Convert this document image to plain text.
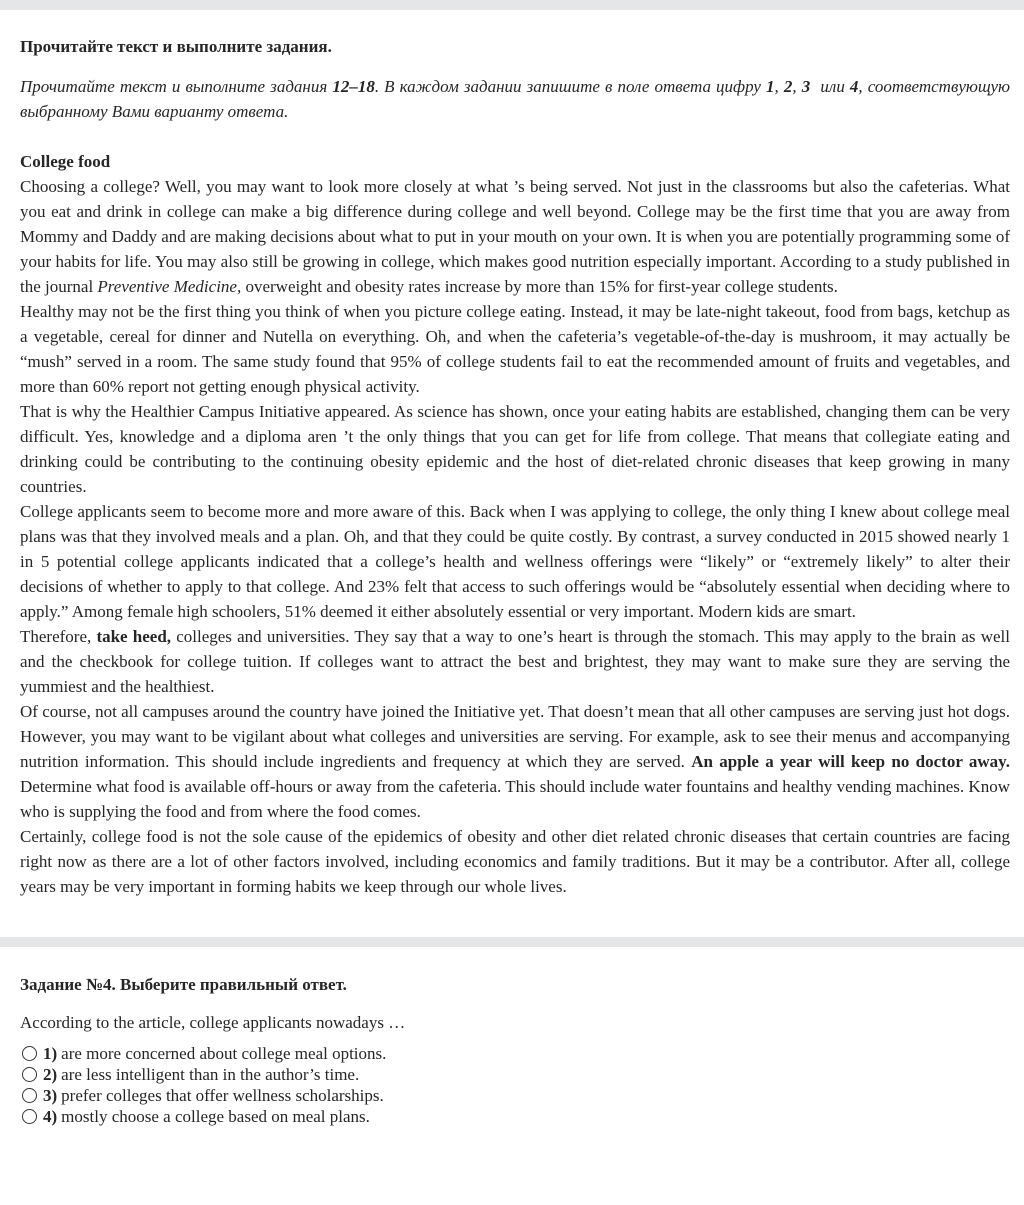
Прочитайте текст и выполните задания.

Прочитайте текст и выполните задания 12–18. В каждом задании запишите в поле ответа цифру 1, 2, 3  или 4, соответствующую выбранному Вами варианту ответа.

College food

Choosing a college? Well, you may want to look more closely at what ’s being served. Not just in the classrooms but also the cafeterias. What you eat and drink in college can make a big difference during college and well beyond. College may be the first time that you are away from Mommy and Daddy and are making decisions about what to put in your mouth on your own. It is when you are potentially programming some of your habits for life. You may also still be growing in college, which makes good nutrition especially important. According to a study published in the journal Preventive Medicine, overweight and obesity rates increase by more than 15% for first-year college students.

Healthy may not be the first thing you think of when you picture college eating. Instead, it may be late-night takeout, food from bags, ketchup as a vegetable, cereal for dinner and Nutella on everything. Oh, and when the cafeteria’s vegetable-of-the-day is mushroom, it may actually be “mush” served in a room. The same study found that 95% of college students fail to eat the recommended amount of fruits and vegetables, and more than 60% report not getting enough physical activity.

That is why the Healthier Campus Initiative appeared. As science has shown, once your eating habits are established, changing them can be very difficult. Yes, knowledge and a diploma aren ’t the only things that you can get for life from college. That means that collegiate eating and drinking could be contributing to the continuing obesity epidemic and the host of diet-related chronic diseases that keep growing in many countries.

College applicants seem to become more and more aware of this. Back when I was applying to college, the only thing I knew about college meal plans was that they involved meals and a plan. Oh, and that they could be quite costly. By contrast, a survey conducted in 2015 showed nearly 1 in 5 potential college applicants indicated that a college’s health and wellness offerings were “likely” or “extremely likely” to alter their decisions of whether to apply to that college. And 23% felt that access to such offerings would be “absolutely essential when deciding where to apply.” Among female high schoolers, 51% deemed it either absolutely essential or very important. Modern kids are smart.

Therefore, take heed, colleges and universities. They say that a way to one’s heart is through the stomach. This may apply to the brain as well and the checkbook for college tuition. If colleges want to attract the best and brightest, they may want to make sure they are serving the yummiest and the healthiest.

Of course, not all campuses around the country have joined the Initiative yet. That doesn’t mean that all other campuses are serving just hot dogs. However, you may want to be vigilant about what colleges and universities are serving. For example, ask to see their menus and accompanying nutrition information. This should include ingredients and frequency at which they are served. An apple a year will keep no doctor away. Determine what food is available off-hours or away from the cafeteria. This should include water fountains and healthy vending machines. Know who is supplying the food and from where the food comes.

Certainly, college food is not the sole cause of the epidemics of obesity and other diet related chronic diseases that certain countries are facing right now as there are a lot of other factors involved, including economics and family traditions. But it may be a contributor. After all, college years may be very important in forming habits we keep through our whole lives.

Задание №4. Выберите правильный ответ.

According to the article, college applicants nowadays …

1) are more concerned about college meal options.
2) are less intelligent than in the author’s time.
3) prefer colleges that offer wellness scholarships.
4) mostly choose a college based on meal plans.
